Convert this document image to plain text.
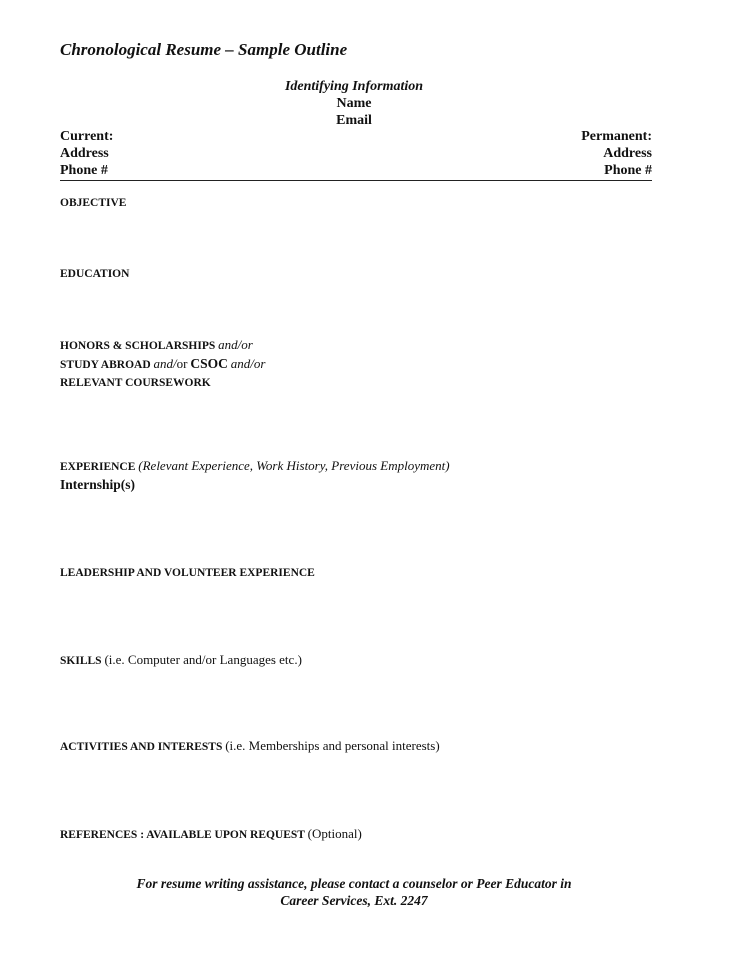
Chronological Resume – Sample Outline
Identifying Information
Name
Email
Current:
Address
Phone #
Permanent:
Address
Phone #
OBJECTIVE
EDUCATION
HONORS & SCHOLARSHIPS and/or
STUDY ABROAD and/or CSOC and/or
RELEVANT COURSEWORK
EXPERIENCE (Relevant Experience, Work History, Previous Employment)
Internship(s)
LEADERSHIP AND VOLUNTEER EXPERIENCE
SKILLS (i.e. Computer and/or Languages etc.)
ACTIVITIES AND INTERESTS (i.e. Memberships and personal interests)
REFERENCES : AVAILABLE UPON REQUEST (Optional)
For resume writing assistance, please contact a counselor or Peer Educator in
Career Services, Ext. 2247
